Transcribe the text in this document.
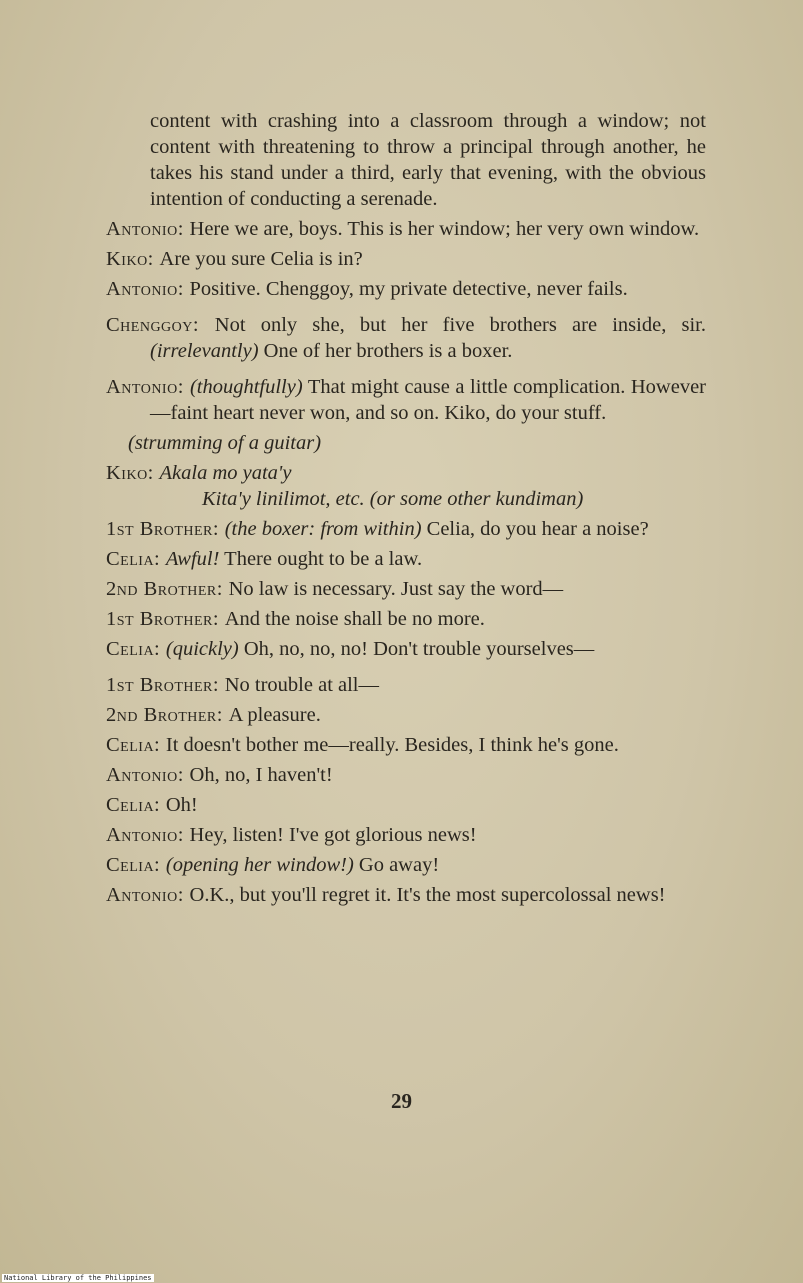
content with crashing into a classroom through a window; not content with threatening to throw a principal through another, he takes his stand under a third, early that evening, with the obvious intention of conducting a serenade.
Antonio: Here we are, boys. This is her window; her very own window.
Kiko: Are you sure Celia is in?
Antonio: Positive. Chenggoy, my private detective, never fails.
Chenggoy: Not only she, but her five brothers are inside, sir. (irrelevantly) One of her brothers is a boxer.
Antonio: (thoughtfully) That might cause a little complication. However—faint heart never won, and so on. Kiko, do your stuff.
(strumming of a guitar)
Kiko: Akala mo yata'y
Kita'y linilimot, etc. (or some other kundiman)
1st Brother: (the boxer: from within) Celia, do you hear a noise?
Celia: Awful! There ought to be a law.
2nd Brother: No law is necessary. Just say the word—
1st Brother: And the noise shall be no more.
Celia: (quickly) Oh, no, no, no! Don't trouble yourselves—
1st Brother: No trouble at all—
2nd Brother: A pleasure.
Celia: It doesn't bother me—really. Besides, I think he's gone.
Antonio: Oh, no, I haven't!
Celia: Oh!
Antonio: Hey, listen! I've got glorious news!
Celia: (opening her window!) Go away!
Antonio: O.K., but you'll regret it. It's the most supercolossal news!
29
National Library of the Philippines
